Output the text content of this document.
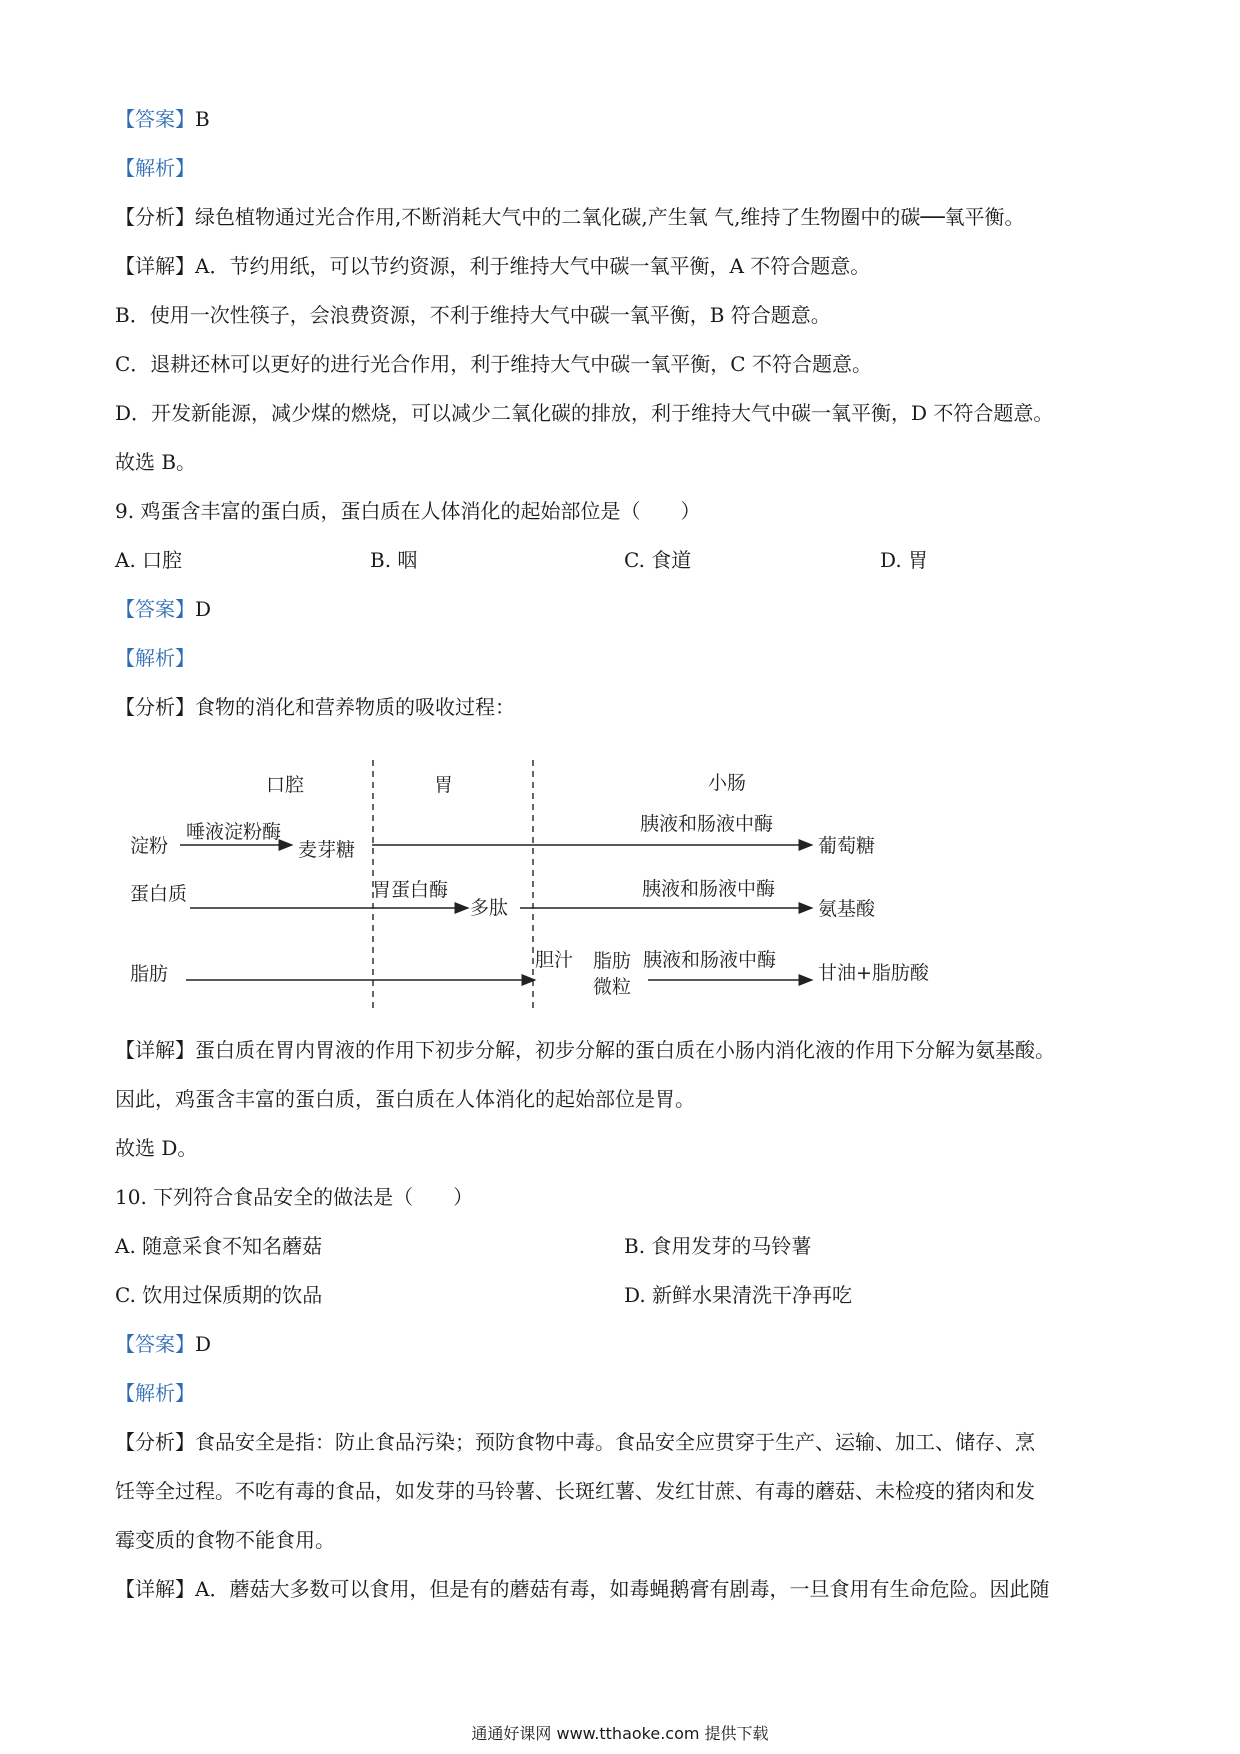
【答案】B
【解析】
【分析】绿色植物通过光合作用,不断消耗大气中的二氧化碳,产生氧 气,维持了生物圈中的碳──氧平衡。
【详解】A．节约用纸，可以节约资源，利于维持大气中碳一氧平衡，A 不符合题意。
B．使用一次性筷子，会浪费资源，不利于维持大气中碳一氧平衡，B 符合题意。
C．退耕还林可以更好的进行光合作用，利于维持大气中碳一氧平衡，C 不符合题意。
D．开发新能源，减少煤的燃烧，可以减少二氧化碳的排放，利于维持大气中碳一氧平衡，D 不符合题意。
故选 B。
9. 鸡蛋含丰富的蛋白质，蛋白质在人体消化的起始部位是（　　）
A. 口腔	B. 咽	C. 食道	D. 胃
【答案】D
【解析】
【分析】食物的消化和营养物质的吸收过程：
口腔	胃	小肠
淀粉
唾液淀粉酶
麦芽糖
胰液和肠液中酶
葡萄糖
蛋白质	胃蛋白酶
多肽
胰液和肠液中酶
氨基酸
脂肪
胆汁 脂肪
微粒
胰液和肠液中酶
甘油+脂肪酸
【详解】蛋白质在胃内胃液的作用下初步分解，初步分解的蛋白质在小肠内消化液的作用下分解为氨基酸。
因此，鸡蛋含丰富的蛋白质，蛋白质在人体消化的起始部位是胃。
故选 D。
10. 下列符合食品安全的做法是（　　）
A. 随意采食不知名蘑菇	B. 食用发芽的马铃薯
C. 饮用过保质期的饮品	D. 新鲜水果清洗干净再吃
【答案】D
【解析】
【分析】食品安全是指：防止食品污染；预防食物中毒。食品安全应贯穿于生产、运输、加工、储存、烹
饪等全过程。不吃有毒的食品，如发芽的马铃薯、长斑红薯、发红甘蔗、有毒的蘑菇、未检疫的猪肉和发
霉变质的食物不能食用。
【详解】A．蘑菇大多数可以食用，但是有的蘑菇有毒，如毒蝇鹅膏有剧毒，一旦食用有生命危险。因此随
通通好课网 www.tthaoke.com 提供下载
